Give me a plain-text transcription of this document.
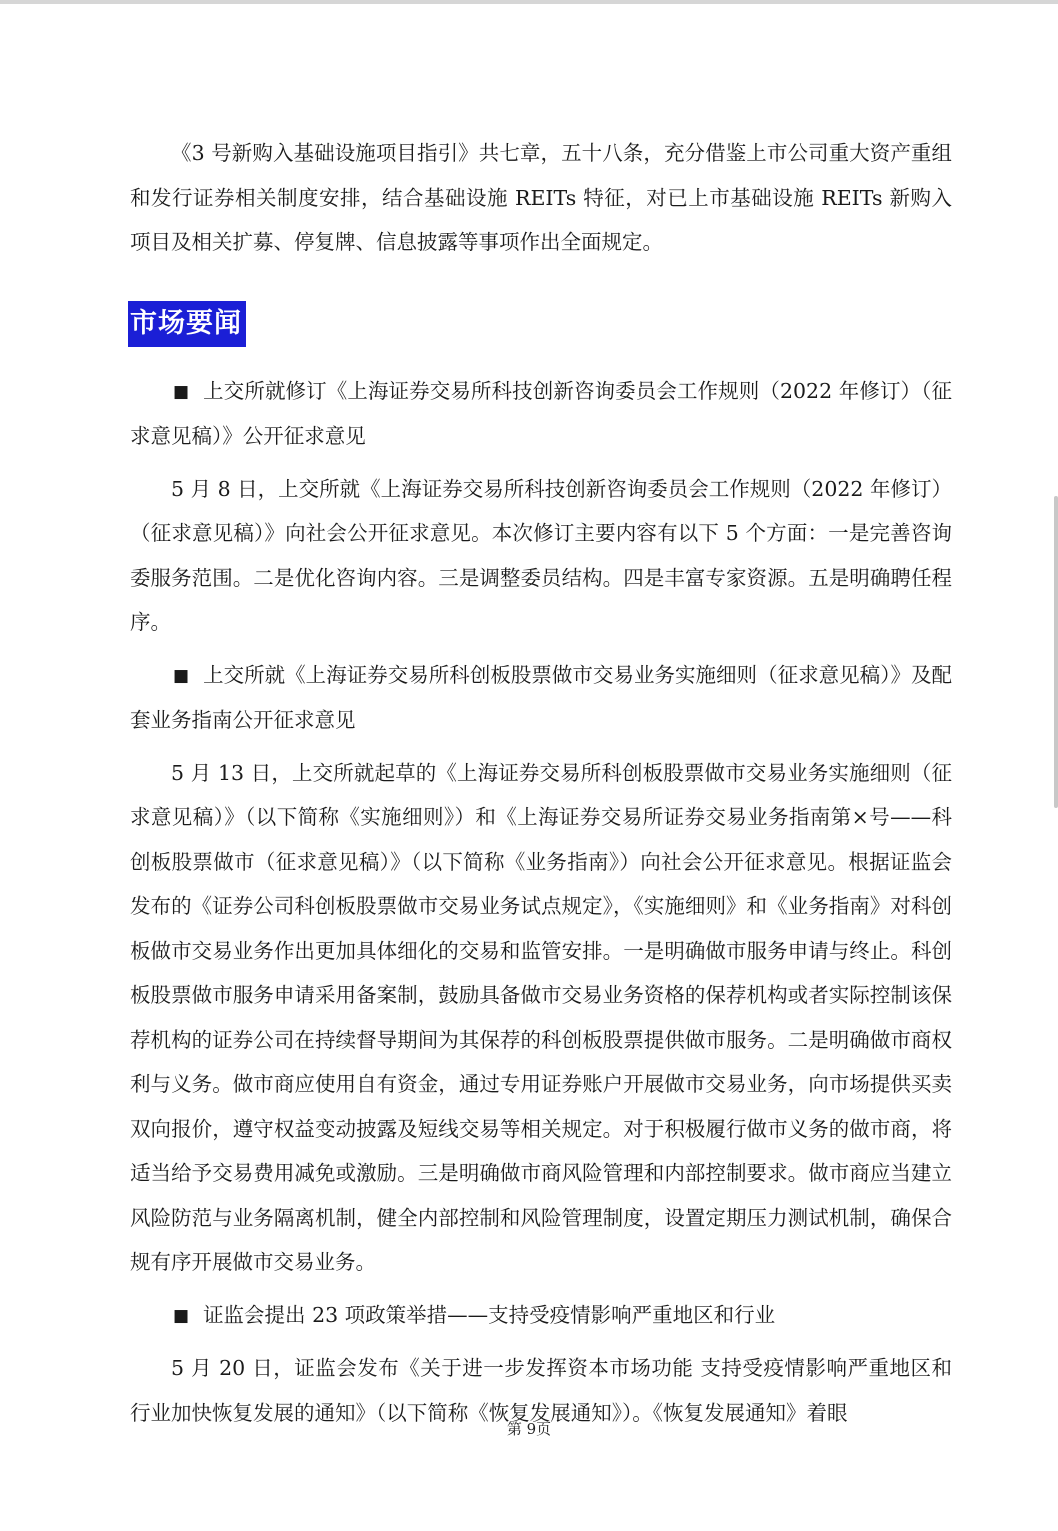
《3 号新购入基础设施项目指引》共七章，五十八条，充分借鉴上市公司重大资产重组和发行证券相关制度安排，结合基础设施 REITs 特征，对已上市基础设施 REITs 新购入项目及相关扩募、停复牌、信息披露等事项作出全面规定。

市场要闻

■ 上交所就修订《上海证券交易所科技创新咨询委员会工作规则（2022 年修订）（征求意见稿）》公开征求意见

5 月 8 日，上交所就《上海证券交易所科技创新咨询委员会工作规则（2022 年修订）（征求意见稿）》向社会公开征求意见。本次修订主要内容有以下 5 个方面：一是完善咨询委服务范围。二是优化咨询内容。三是调整委员结构。四是丰富专家资源。五是明确聘任程序。

■ 上交所就《上海证券交易所科创板股票做市交易业务实施细则（征求意见稿）》及配套业务指南公开征求意见

5 月 13 日，上交所就起草的《上海证券交易所科创板股票做市交易业务实施细则（征求意见稿）》（以下简称《实施细则》）和《上海证券交易所证券交易业务指南第×号——科创板股票做市（征求意见稿）》（以下简称《业务指南》）向社会公开征求意见。根据证监会发布的《证券公司科创板股票做市交易业务试点规定》，《实施细则》和《业务指南》对科创板做市交易业务作出更加具体细化的交易和监管安排。一是明确做市服务申请与终止。科创板股票做市服务申请采用备案制，鼓励具备做市交易业务资格的保荐机构或者实际控制该保荐机构的证券公司在持续督导期间为其保荐的科创板股票提供做市服务。二是明确做市商权利与义务。做市商应使用自有资金，通过专用证券账户开展做市交易业务，向市场提供买卖双向报价，遵守权益变动披露及短线交易等相关规定。对于积极履行做市义务的做市商，将适当给予交易费用减免或激励。三是明确做市商风险管理和内部控制要求。做市商应当建立风险防范与业务隔离机制，健全内部控制和风险管理制度，设置定期压力测试机制，确保合规有序开展做市交易业务。

■ 证监会提出 23 项政策举措——支持受疫情影响严重地区和行业

5 月 20 日，证监会发布《关于进一步发挥资本市场功能 支持受疫情影响严重地区和行业加快恢复发展的通知》（以下简称《恢复发展通知》）。《恢复发展通知》着眼

第 9页
